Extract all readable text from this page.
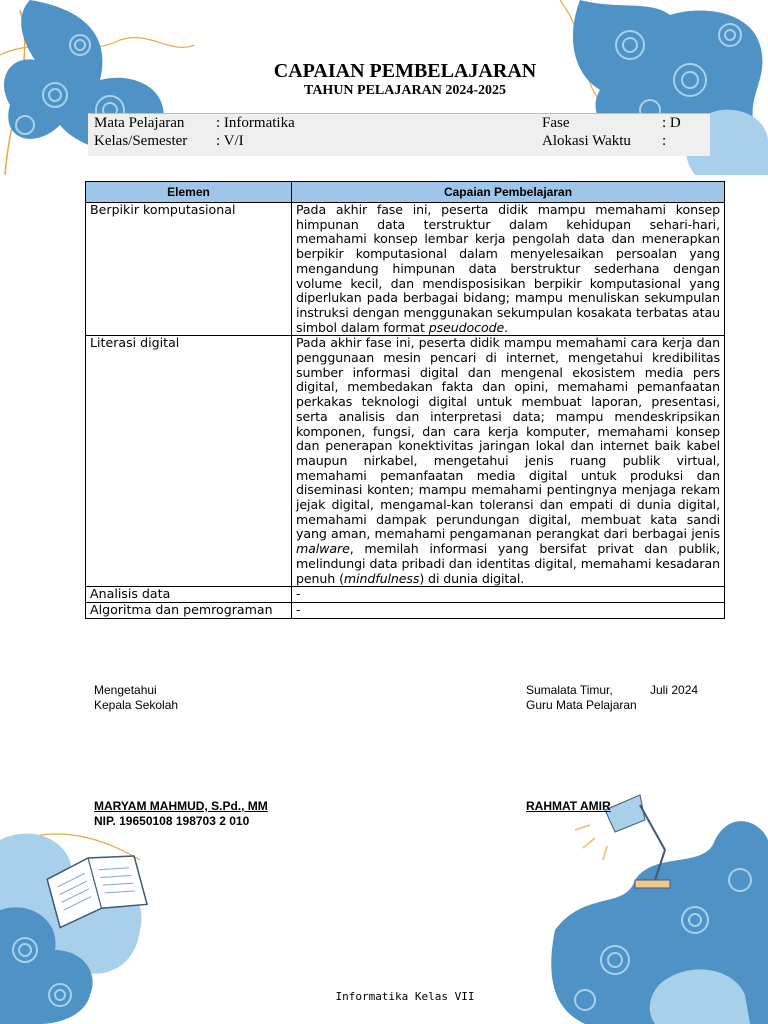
CAPAIAN PEMBELAJARAN
TAHUN PELAJARAN 2024-2025
Mata Pelajaran : Informatika
Kelas/Semester : V/I
Fase	: D
Alokasi Waktu :
Elemen	Capaian Pembelajaran
Berpikir komputasional	Pada akhir fase ini, peserta didik mampu memahami konsep himpunan data terstruktur dalam kehidupan sehari-hari, memahami konsep lembar kerja pengolah data dan menerapkan berpikir komputasional dalam menyelesaikan persoalan yang mengandung himpunan data berstruktur sederhana dengan volume kecil, dan mendisposisikan berpikir komputasional yang diperlukan pada berbagai bidang; mampu menuliskan sekumpulan instruksi dengan menggunakan sekumpulan kosakata terbatas atau simbol dalam format pseudocode.
Literasi digital	Pada akhir fase ini, peserta didik mampu memahami cara kerja dan penggunaan mesin pencari di internet, mengetahui kredibilitas sumber informasi digital dan mengenal ekosistem media pers digital, membedakan fakta dan opini, memahami pemanfaatan perkakas teknologi digital untuk membuat laporan, presentasi, serta analisis dan interpretasi data; mampu mendeskripsikan komponen, fungsi, dan cara kerja komputer, memahami konsep dan penerapan konektivitas jaringan lokal dan internet baik kabel maupun nirkabel, mengetahui jenis ruang publik virtual, memahami pemanfaatan media digital untuk produksi dan diseminasi konten; mampu memahami pentingnya menjaga rekam jejak digital, mengamal-kan toleransi dan empati di dunia digital, memahami dampak perundungan digital, membuat kata sandi yang aman, memahami pengamanan perangkat dari berbagai jenis malware, memilah informasi yang bersifat privat dan publik, melindungi data pribadi dan identitas digital, memahami kesadaran penuh (mindfulness) di dunia digital.
Analisis data	-
Algoritma dan pemrograman	-
Mengetahui
Kepala Sekolah
MARYAM MAHMUD, S.Pd., MM
NIP. 19650108 198703 2 010
Sumalata Timur,	Juli 2024
Guru Mata Pelajaran
RAHMAT AMIR
Informatika Kelas VII
